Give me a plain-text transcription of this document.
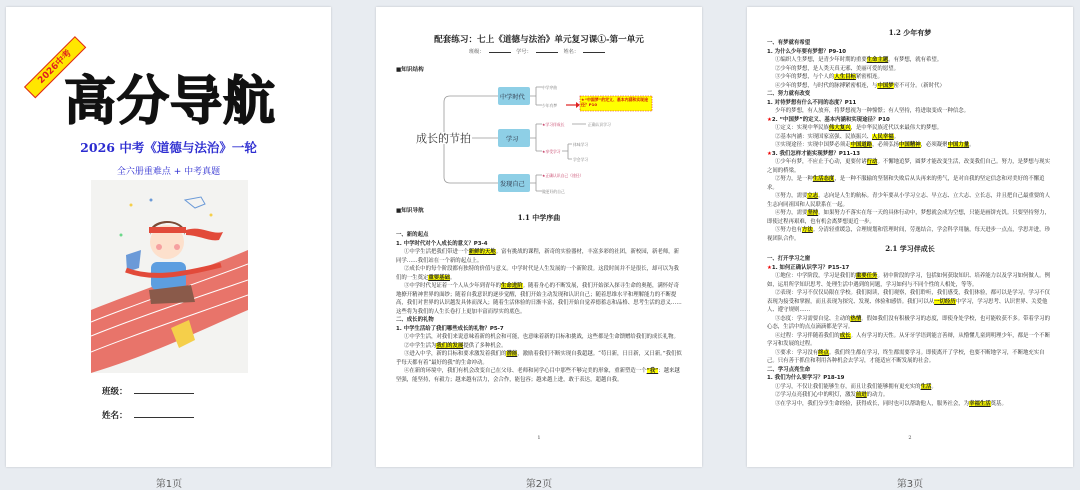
2026中考
高分导航
2026 中考《道德与法治》一轮
全六册重难点 + 中考真题
班级：
姓名：
第1页
配套练习：七上《道德与法治》单元复习课①-第一单元
班级：	学号：	姓名：
■知识结构
成长的节拍
中学时代
学习
发现自己
中学序曲
少年有梦
★学习伴成长
★享受学习
正确认识学习
体味学习
学会学习
★正确认识自己（途径）
做更好的自己
★“中国梦”的定义、基本内涵和实现途径？P10
■知识导航
1.1 中学序曲
一、新的起点
1. 中学时代对个人成长的意义？P3-4
①中学生活把我们带进一个新鲜的天地。富有挑战的课程，新奇的实验器材，丰富多彩的社团，新校园，新老师，新同学……我们站在一个新的起点上。
②成长中的每个阶段都有独特的价值与意义。中学时代是人生发展的一个新阶段。这段时间并不是很长，却可以为我们的一生奠定重要基础。
③中学时代见证着一个人从少年到青年的生命进阶。随着身心的不断发展，我们开始深入探寻生命的奥秘，满怀好奇地撩开精神世界的面纱；随着自我意识的逐步觉醒，我们开始主动发现和认识自己；随着思维水平和理解能力的不断提高，我们对世界的认识越发具体而深入；随着生活体验的日渐丰富，我们开始自觉养德蓄志和品格、思考生活的意义……这些将为我们的人生长卷打上更加丰富而厚实的底色。
二、成长的礼物
1. 中学生活给了我们哪些成长的礼物？P5-7
①中学生活，对我们来说意味着新的机会和可能，也意味着新的目标和挑战，这些都是生命馈赠给我们的成长礼物。
②中学生活为我们的发展提供了多种机会。
③进入中学，新的目标和要求激发着我们的潜能，激励着我们不断实现自我超越。“苟日新，日日新，又日新。”我们似乎每天都有着“最好的我”的生命冲动。
④在新的环境中，我们有机会改变自己在父母、老师和同学心目中那些不够完美的形象，重新塑造一个“我”：越来越坚强，能坚持，有毅力；越来越有活力，会合作，能包容；越来越上进，敢于表达，超越自我。
1
第2页
1.2 少年有梦
一、有梦就有希望
1. 为什么少年要有梦想？P9-10
①编织人生梦想，是青少年时期的重要生命主题。有梦想，就有希望。
②少年的梦想，是人类天真无邪、美丽可爱的愿望。
③少年的梦想，与个人的人生目标紧密相连。
④少年的梦想，与时代的脉搏紧密相连，与中国梦密不可分。（新时代）
二、努力就有改变
1. 对待梦想有什么不同的态度？P11
少年的梦想，有人放弃，将梦想视为一种憧憬；有人坚持，将进取变成一种信念。
★2. “中国梦”的定义、基本内涵和实现途径？P10
①定义：实现中华民族伟大复兴，是中华民族近代以来最伟大的梦想。
②基本内涵：实现国家富强、民族振兴、人民幸福。
③实现途径：实现中国梦必须走中国道路，必须弘扬中国精神，必须凝聚中国力量。
★3. 我们怎样才能实现梦想？P11-13
①少年有梦，不应止于心动，更要付诸行动。不懈地追梦，圆梦才能改变生活，改变我们自己。努力，是梦想与现实之间的桥梁。
②努力，是一种生活态度，是一种不服输的坚韧和失败后从头再来的勇气，是对自我的坚定信念和对美好的不懈追求。
③努力，需要立志。志向是人生的航标。青少年要从小学习立志、早立志、立大志、立长志，并且把自己最重要的人生志向同祖国和人民联系在一起。
④努力，需要坚持。如果努力不落实在每一天的具体行动中，梦想就会成为空想，只能是画饼充饥。只要坚持努力，即使过程再艰难，也有机会离梦想更近一步。
⑤努力也有方法。分清轻重缓急，合理规划和管理时间，劳逸结合，学会科学用脑，每天进步一点点，学思并进，珍视团队合作。
2.1 学习伴成长
一、打开学习之窗
★1. 如何正确认识学习？P15-17
①地位：中学阶段，学习是我们的重要任务。初中阶段的学习，包括如何获取知识、培养能力以及学习如何做人。例如，运用所学知识思考、处理生活中遇到的问题，学习如何与不同个性的人相处，等等。
②表现：学习不仅仅局限在学校。我们阅读，我们观察，我们聆听，我们感受，我们体验，都可以是学习。学习不仅表现为接受和掌握，而且表现为探究、发现、体验和感悟。我们可以从一切经历中学习，学习思考、认识世界、关爱他人、遵守规则……
③态度：学习需要自觉、主动的热情。假如我们没有积极学习的态度，即使身处学校，也可能收获不多。带着学习的心态，生活中的点点滴滴都是学习。
④过程：学习伴随着我们的成长。人有学习的天性。从牙牙学语到能言善辩，从懵懂儿童到明理少年，都是一个不断学习和发展的过程。
⑤要求：学习没有终点。我们终生都在学习，终生都需要学习。即使离开了学校，也要不断地学习，不断地充实自己。只有善于抓住和利用各种机会去学习，才能适应不断发展的社会。
二、学习点亮生命
1. 我们为什么要学习？P18-19
①学习，不仅让我们能够生存，而且让我们能够拥有更充实的生活。
②学习点亮我们心中的明灯，激发前进的动力。
③在学习中，我们分享生命经验，获得成长，同时也可以帮助他人，服务社会，为幸福生活奠基。
2
第3页
